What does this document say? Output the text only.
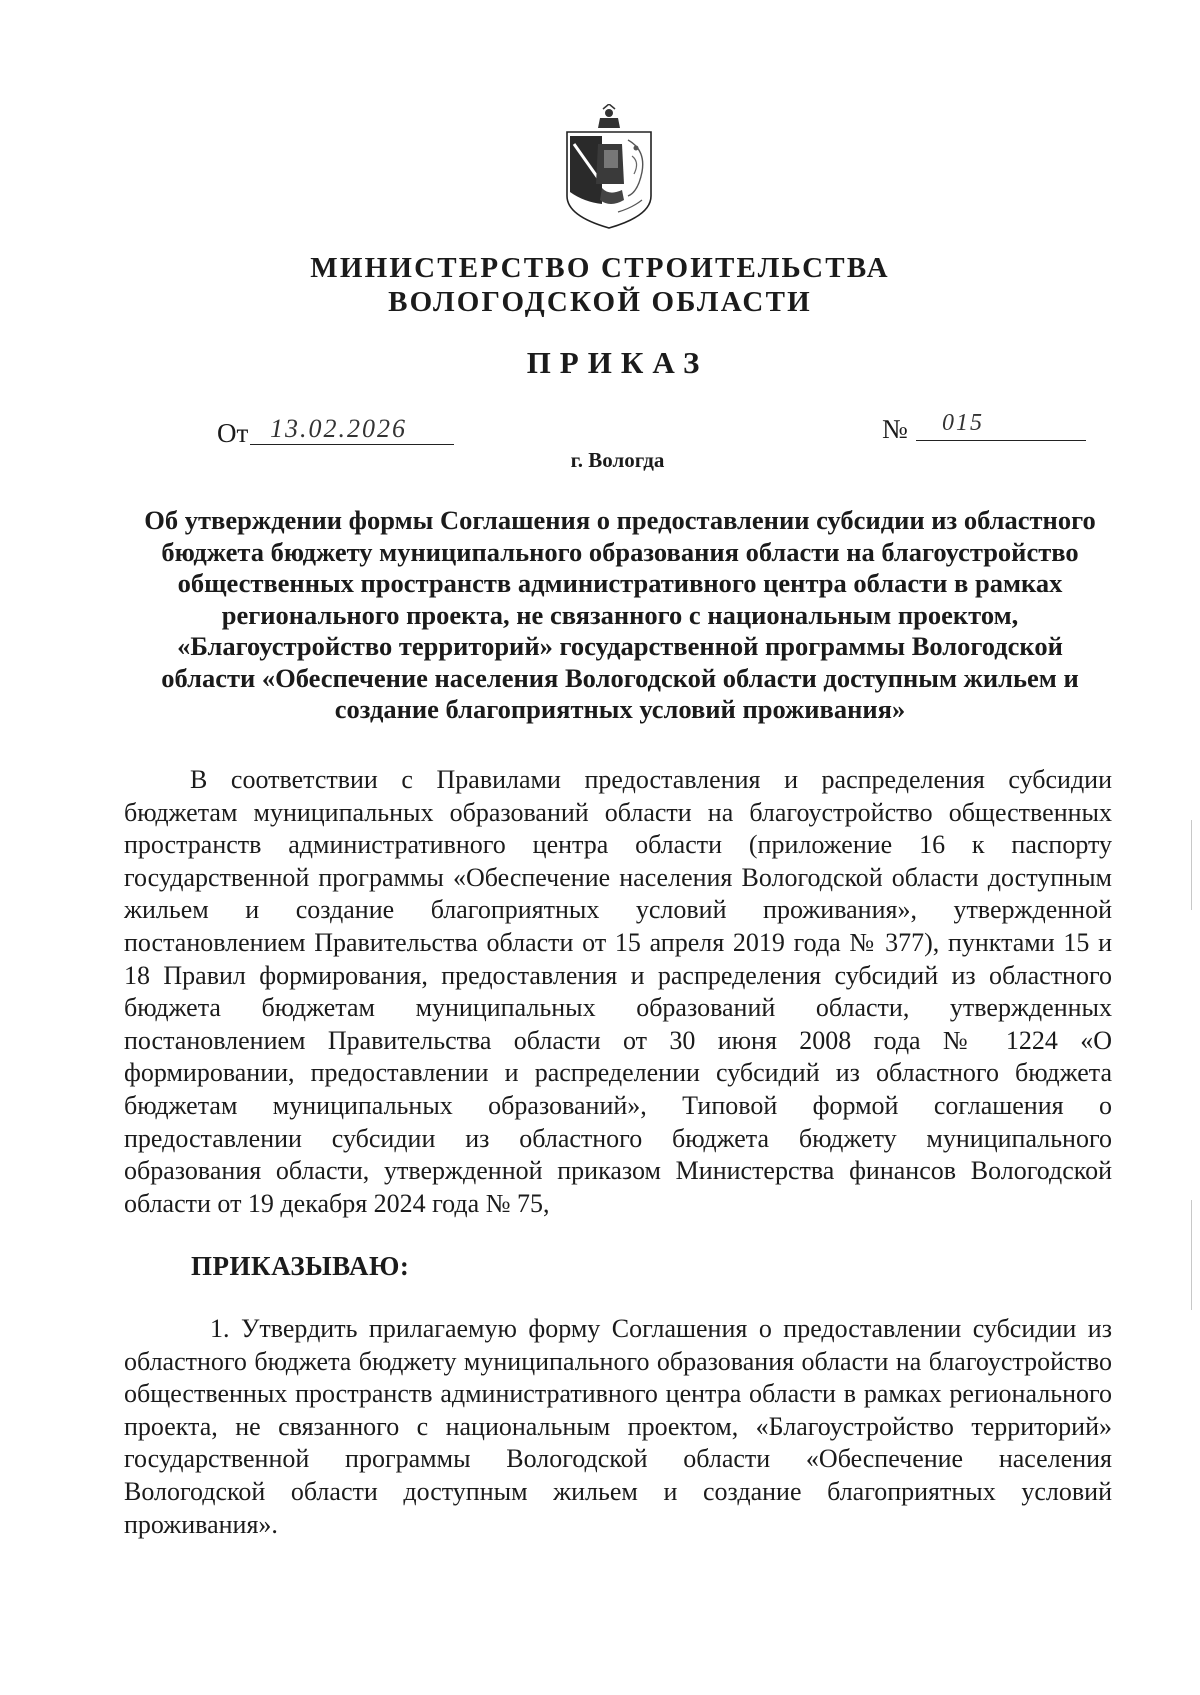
МИНИСТЕРСТВО СТРОИТЕЛЬСТВА
ВОЛОГОДСКОЙ ОБЛАСТИ
ПРИКАЗ
От 13.02.2026	№ 015
г. Вологда
Об утверждении формы Соглашения о предоставлении субсидии из областного бюджета бюджету муниципального образования области на благоустройство общественных пространств административного центра области в рамках регионального проекта, не связанного с национальным проектом, «Благоустройство территорий» государственной программы Вологодской области «Обеспечение населения Вологодской области доступным жильем и создание благоприятных условий проживания»

В соответствии с Правилами предоставления и распределения субсидии бюджетам муниципальных образований области на благоустройство общественных пространств административного центра области (приложение 16 к паспорту государственной программы «Обеспечение населения Вологодской области доступным жильем и создание благоприятных условий проживания», утвержденной постановлением Правительства области от 15 апреля 2019 года № 377), пунктами 15 и 18 Правил формирования, предоставления и распределения субсидий из областного бюджета бюджетам муниципальных образований области, утвержденных постановлением Правительства области от 30 июня 2008 года № 1224 «О формировании, предоставлении и распределении субсидий из областного бюджета бюджетам муниципальных образований», Типовой формой соглашения о предоставлении субсидии из областного бюджета бюджету муниципального образования области, утвержденной приказом Министерства финансов Вологодской области от 19 декабря 2024 года № 75,

ПРИКАЗЫВАЮ:

1. Утвердить прилагаемую форму Соглашения о предоставлении субсидии из областного бюджета бюджету муниципального образования области на благоустройство общественных пространств административного центра области в рамках регионального проекта, не связанного с национальным проектом, «Благоустройство территорий» государственной программы Вологодской области «Обеспечение населения Вологодской области доступным жильем и создание благоприятных условий проживания».
